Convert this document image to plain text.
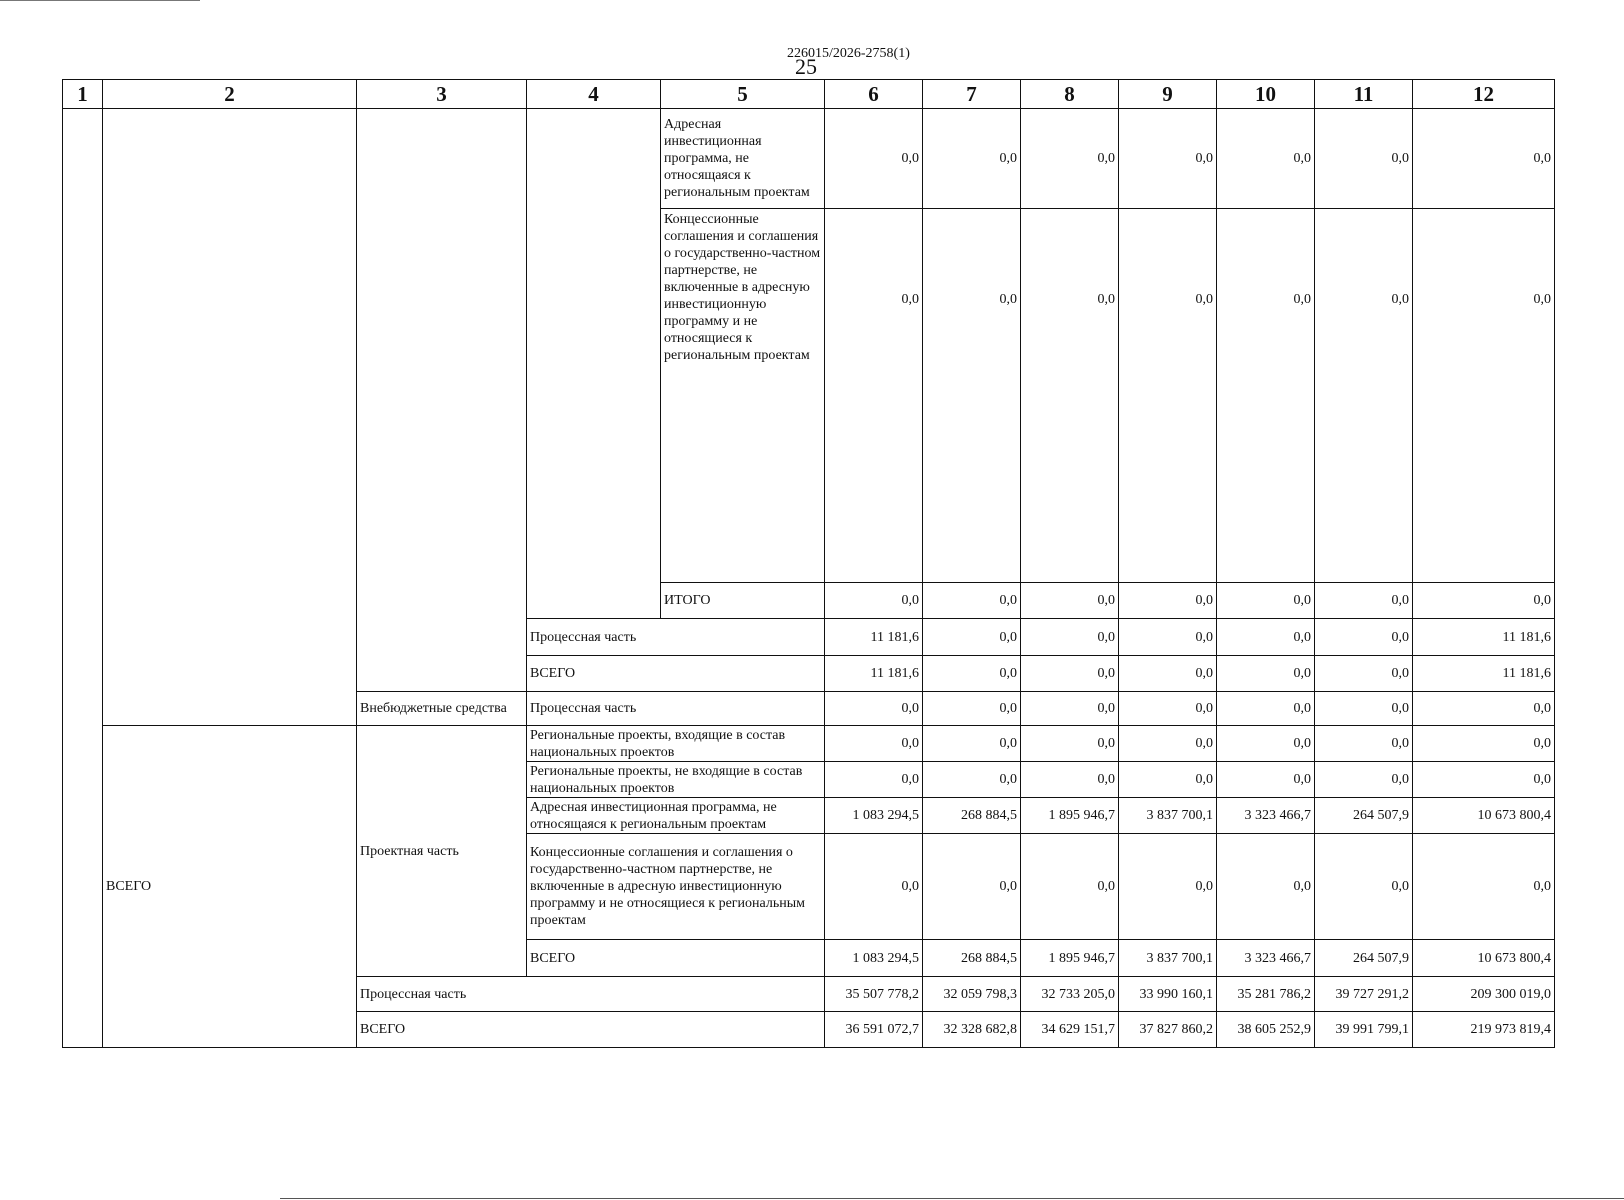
226015/2026-2758(1)
25
1	2	3	4	5	6	7	8	9	10	11	12
				Адресная инвестиционная программа, не относящаяся к региональным проектам	0,0	0,0	0,0	0,0	0,0	0,0	0,0
				Концессионные соглашения и соглашения о государственно-частном партнерстве, не включенные в адресную инвестиционную программу и не относящиеся к региональным проектам	0,0	0,0	0,0	0,0	0,0	0,0	0,0
				ИТОГО	0,0	0,0	0,0	0,0	0,0	0,0	0,0
			Процессная часть		11 181,6	0,0	0,0	0,0	0,0	0,0	11 181,6
			ВСЕГО		11 181,6	0,0	0,0	0,0	0,0	0,0	11 181,6
		Внебюджетные средства	Процессная часть		0,0	0,0	0,0	0,0	0,0	0,0	0,0
	ВСЕГО	Проектная часть	Региональные проекты, входящие в состав национальных проектов		0,0	0,0	0,0	0,0	0,0	0,0	0,0
			Региональные проекты, не входящие в состав национальных проектов		0,0	0,0	0,0	0,0	0,0	0,0	0,0
			Адресная инвестиционная программа, не относящаяся к региональным проектам		1 083 294,5	268 884,5	1 895 946,7	3 837 700,1	3 323 466,7	264 507,9	10 673 800,4
			Концессионные соглашения и соглашения о государственно-частном партнерстве, не включенные в адресную инвестиционную программу и не относящиеся к региональным проектам		0,0	0,0	0,0	0,0	0,0	0,0	0,0
			ВСЕГО		1 083 294,5	268 884,5	1 895 946,7	3 837 700,1	3 323 466,7	264 507,9	10 673 800,4
		Процессная часть			35 507 778,2	32 059 798,3	32 733 205,0	33 990 160,1	35 281 786,2	39 727 291,2	209 300 019,0
		ВСЕГО			36 591 072,7	32 328 682,8	34 629 151,7	37 827 860,2	38 605 252,9	39 991 799,1	219 973 819,4
